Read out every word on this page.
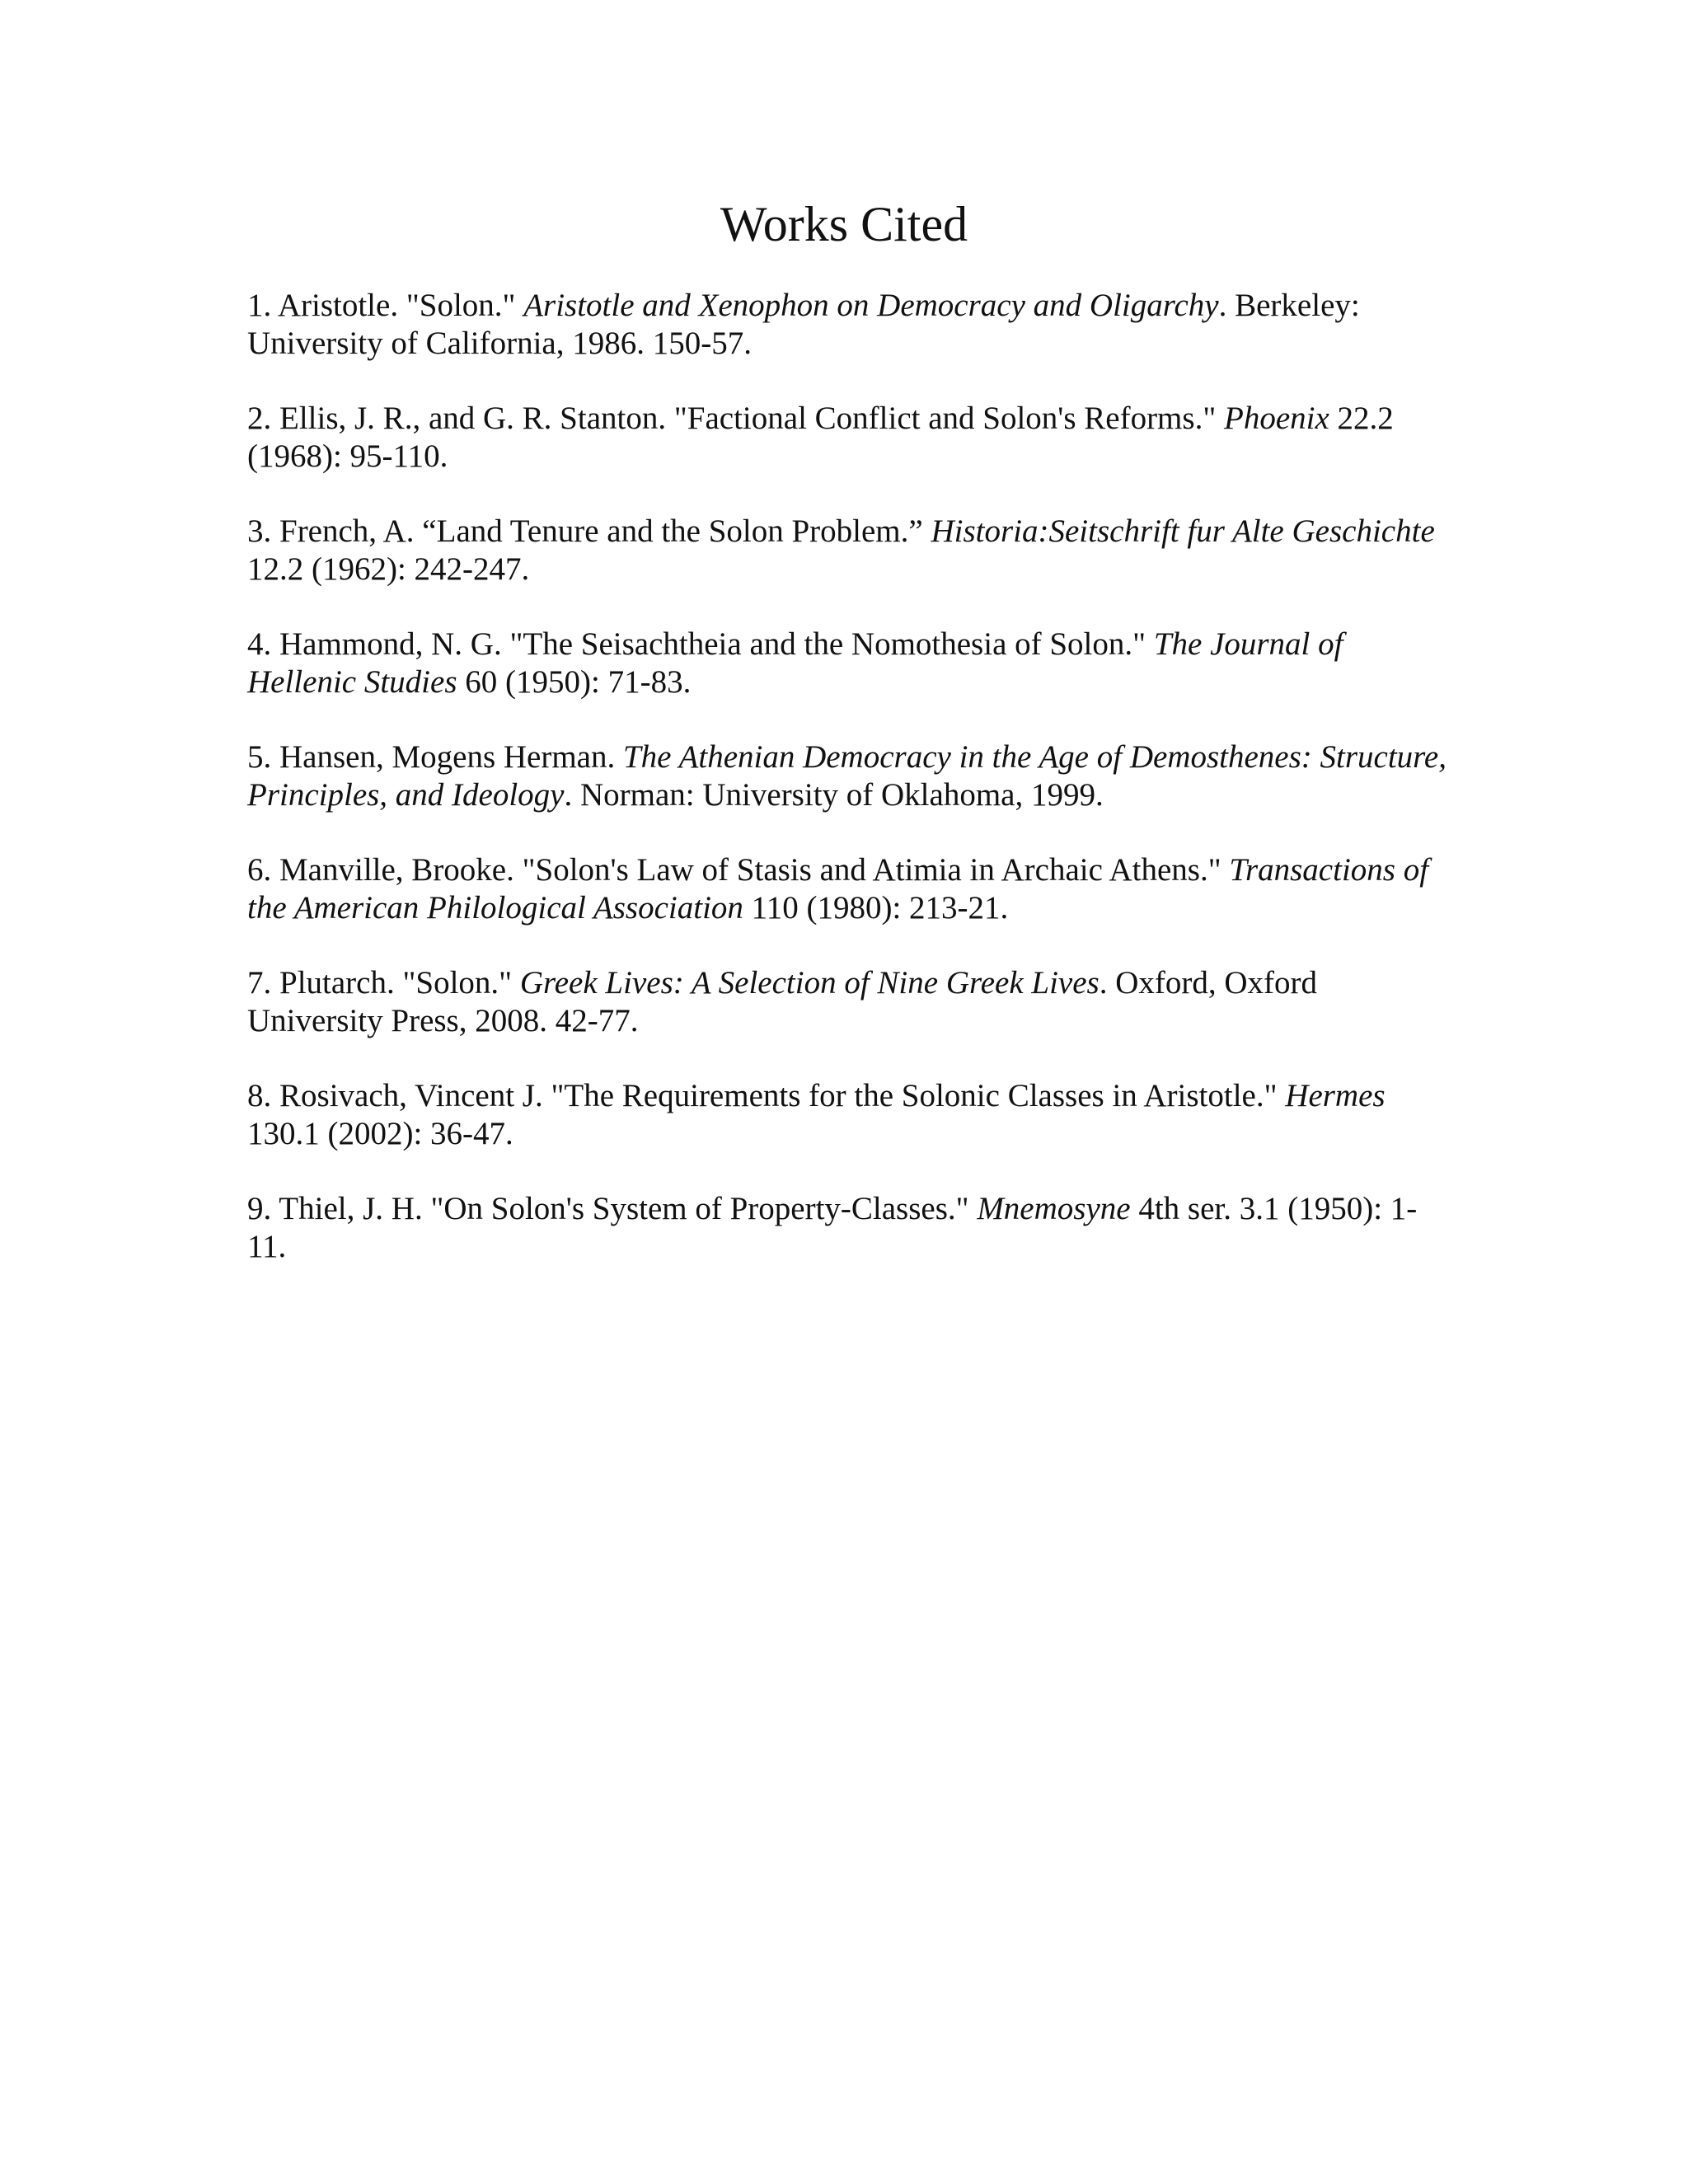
Works Cited
1. Aristotle. "Solon." Aristotle and Xenophon on Democracy and Oligarchy. Berkeley: University of California, 1986. 150-57.
2. Ellis, J. R., and G. R. Stanton. "Factional Conflict and Solon's Reforms." Phoenix 22.2 (1968): 95-110.
3. French, A. “Land Tenure and the Solon Problem.” Historia:Seitschrift fur Alte Geschichte 12.2 (1962): 242-247.
4. Hammond, N. G. "The Seisachtheia and the Nomothesia of Solon." The Journal of Hellenic Studies 60 (1950): 71-83.
5. Hansen, Mogens Herman. The Athenian Democracy in the Age of Demosthenes: Structure, Principles, and Ideology. Norman: University of Oklahoma, 1999.
6. Manville, Brooke. "Solon's Law of Stasis and Atimia in Archaic Athens." Transactions of the American Philological Association 110 (1980): 213-21.
7. Plutarch. "Solon." Greek Lives: A Selection of Nine Greek Lives. Oxford, Oxford University Press, 2008. 42-77.
8. Rosivach, Vincent J. "The Requirements for the Solonic Classes in Aristotle." Hermes 130.1 (2002): 36-47.
9. Thiel, J. H. "On Solon's System of Property-Classes." Mnemosyne 4th ser. 3.1 (1950): 1-11.
